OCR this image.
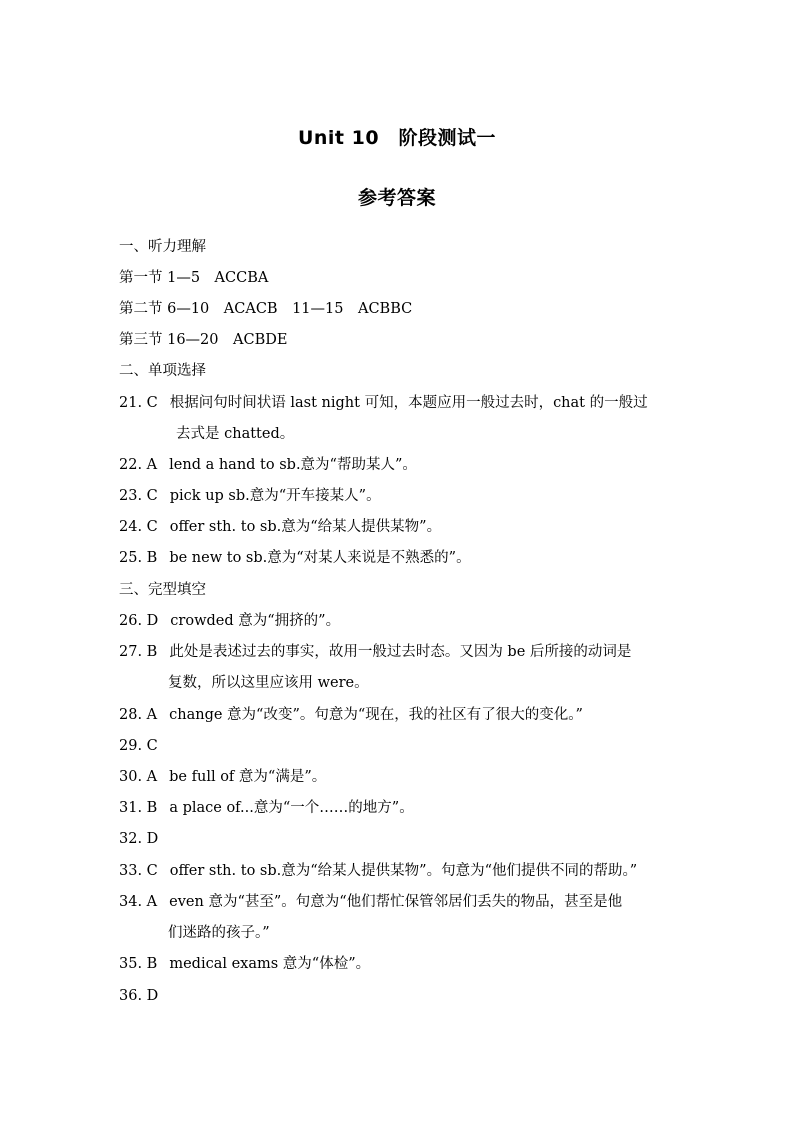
Unit 10　阶段测试一
参考答案
一、听力理解
第一节 1—5　ACCBA
第二节 6—10　ACACB　11—15　ACBBC
第三节 16—20　ACBDE
二、单项选择
21. C 根据问句时间状语 last night 可知，本题应用一般过去时，chat 的一般过
去式是 chatted。
22. A lend a hand to sb.意为“帮助某人”。
23. C pick up sb.意为“开车接某人”。
24. C offer sth. to sb.意为“给某人提供某物”。
25. B be new to sb.意为“对某人来说是不熟悉的”。
三、完型填空
26. D crowded 意为“拥挤的”。
27. B 此处是表述过去的事实，故用一般过去时态。又因为 be 后所接的动词是
复数，所以这里应该用 were。
28. A change 意为“改变”。句意为“现在，我的社区有了很大的变化。”
29. C
30. A be full of 意为“满是”。
31. B a place of...意为“一个……的地方”。
32. D
33. C offer sth. to sb.意为“给某人提供某物”。句意为“他们提供不同的帮助。”
34. A even 意为“甚至”。句意为“他们帮忙保管邻居们丢失的物品，甚至是他
们迷路的孩子。”
35. B medical exams 意为“体检”。
36. D
